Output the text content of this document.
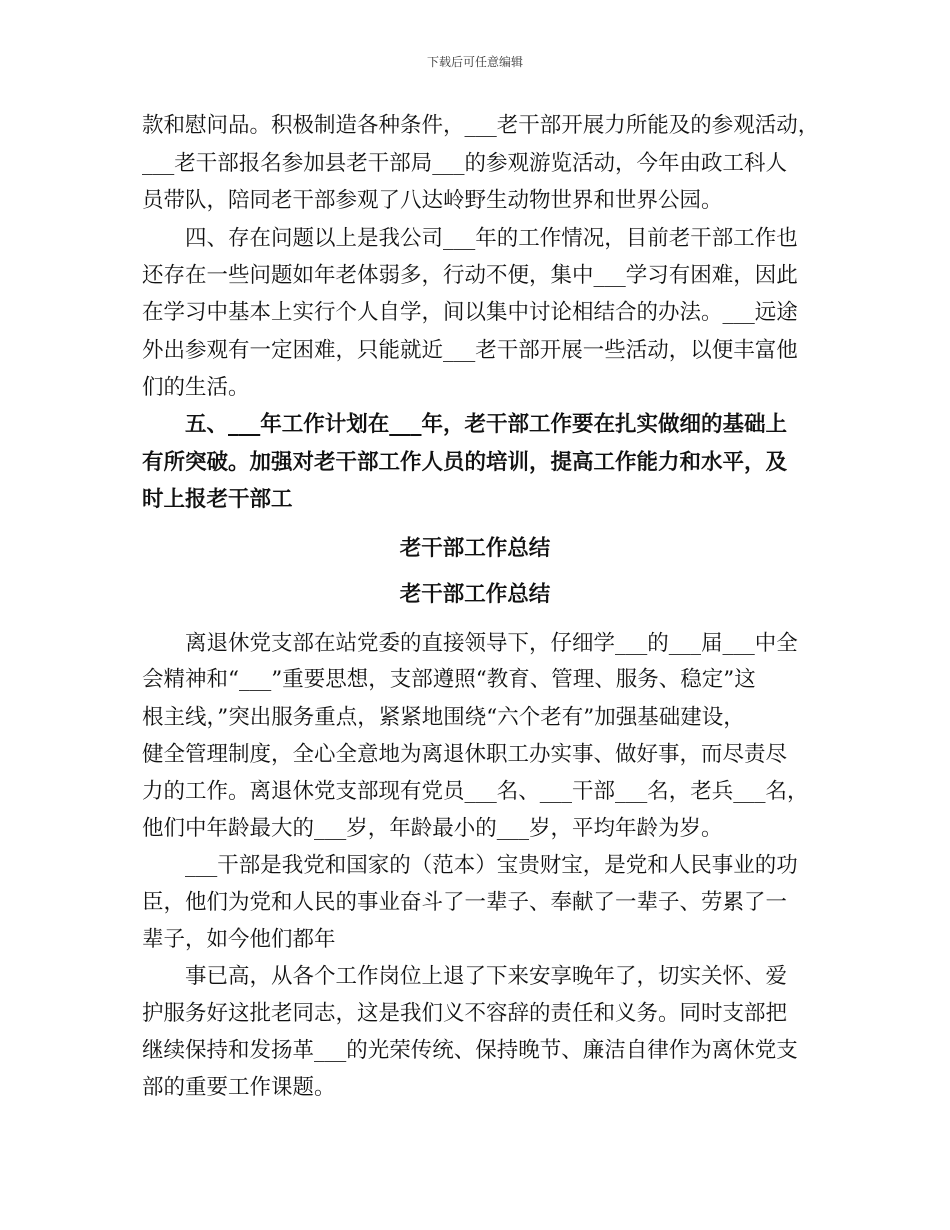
下载后可任意编辑
款和慰问品。积极制造各种条件，___老干部开展力所能及的参观活动，
___老干部报名参加县老干部局___的参观游览活动，今年由政工科人
员带队，陪同老干部参观了八达岭野生动物世界和世界公园。
　　四、存在问题以上是我公司___年的工作情况，目前老干部工作也
还存在一些问题如年老体弱多，行动不便，集中___学习有困难，因此
在学习中基本上实行个人自学，间以集中讨论相结合的办法。___远途
外出参观有一定困难，只能就近___老干部开展一些活动，以便丰富他
们的生活。
　　五、___年工作计划在___年，老干部工作要在扎实做细的基础上
有所突破。加强对老干部工作人员的培训，提高工作能力和水平，及
时上报老干部工
老干部工作总结
老干部工作总结
　　离退休党支部在站党委的直接领导下，仔细学___的___届___中全
会精神和“___”重要思想，支部遵照“教育、管理、服务、稳定”这
根主线，”突出服务重点，紧紧地围绕“六个老有”加强基础建设，
健全管理制度，全心全意地为离退休职工办实事、做好事，而尽责尽
力的工作。离退休党支部现有党员___名、___干部___名，老兵___名，
他们中年龄最大的___岁，年龄最小的___岁，平均年龄为岁。
　　___干部是我党和国家的（范本）宝贵财宝，是党和人民事业的功
臣，他们为党和人民的事业奋斗了一辈子、奉献了一辈子、劳累了一
辈子，如今他们都年
　　事已高，从各个工作岗位上退了下来安享晚年了，切实关怀、爱
护服务好这批老同志，这是我们义不容辞的责任和义务。同时支部把
继续保持和发扬革___的光荣传统、保持晚节、廉洁自律作为离休党支
部的重要工作课题。
